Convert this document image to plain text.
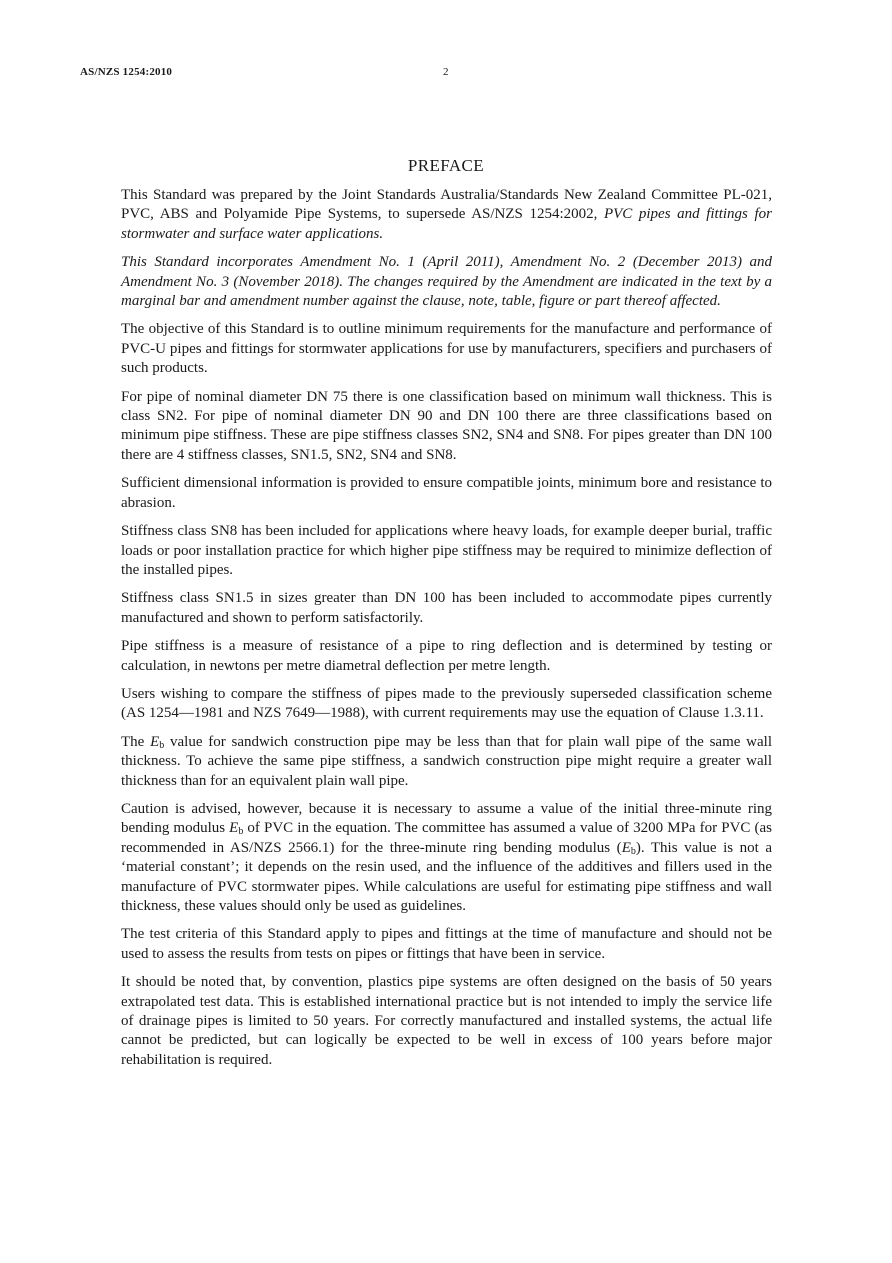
AS/NZS 1254:2010	2
PREFACE

This Standard was prepared by the Joint Standards Australia/Standards New Zealand Committee PL-021, PVC, ABS and Polyamide Pipe Systems, to supersede AS/NZS 1254:2002, PVC pipes and fittings for stormwater and surface water applications.

This Standard incorporates Amendment No. 1 (April 2011), Amendment No. 2 (December 2013) and Amendment No. 3 (November 2018). The changes required by the Amendment are indicated in the text by a marginal bar and amendment number against the clause, note, table, figure or part thereof affected.

The objective of this Standard is to outline minimum requirements for the manufacture and performance of PVC-U pipes and fittings for stormwater applications for use by manufacturers, specifiers and purchasers of such products.

For pipe of nominal diameter DN 75 there is one classification based on minimum wall thickness. This is class SN2. For pipe of nominal diameter DN 90 and DN 100 there are three classifications based on minimum pipe stiffness. These are pipe stiffness classes SN2, SN4 and SN8. For pipes greater than DN 100 there are 4 stiffness classes, SN1.5, SN2, SN4 and SN8.

Sufficient dimensional information is provided to ensure compatible joints, minimum bore and resistance to abrasion.

Stiffness class SN8 has been included for applications where heavy loads, for example deeper burial, traffic loads or poor installation practice for which higher pipe stiffness may be required to minimize deflection of the installed pipes.

Stiffness class SN1.5 in sizes greater than DN 100 has been included to accommodate pipes currently manufactured and shown to perform satisfactorily.

Pipe stiffness is a measure of resistance of a pipe to ring deflection and is determined by testing or calculation, in newtons per metre diametral deflection per metre length.

Users wishing to compare the stiffness of pipes made to the previously superseded classification scheme (AS 1254—1981 and NZS 7649—1988), with current requirements may use the equation of Clause 1.3.11.

The $E_b$ value for sandwich construction pipe may be less than that for plain wall pipe of the same wall thickness. To achieve the same pipe stiffness, a sandwich construction pipe might require a greater wall thickness than for an equivalent plain wall pipe.

Caution is advised, however, because it is necessary to assume a value of the initial three-minute ring bending modulus $E_b$ of PVC in the equation. The committee has assumed a value of 3200 MPa for PVC (as recommended in AS/NZS 2566.1) for the three-minute ring bending modulus $(E_b)$. This value is not a ‘material constant’; it depends on the resin used, and the influence of the additives and fillers used in the manufacture of PVC stormwater pipes. While calculations are useful for estimating pipe stiffness and wall thickness, these values should only be used as guidelines.

The test criteria of this Standard apply to pipes and fittings at the time of manufacture and should not be used to assess the results from tests on pipes or fittings that have been in service.

It should be noted that, by convention, plastics pipe systems are often designed on the basis of 50 years extrapolated test data. This is established international practice but is not intended to imply the service life of drainage pipes is limited to 50 years. For correctly manufactured and installed systems, the actual life cannot be predicted, but can logically be expected to be well in excess of 100 years before major rehabilitation is required.
